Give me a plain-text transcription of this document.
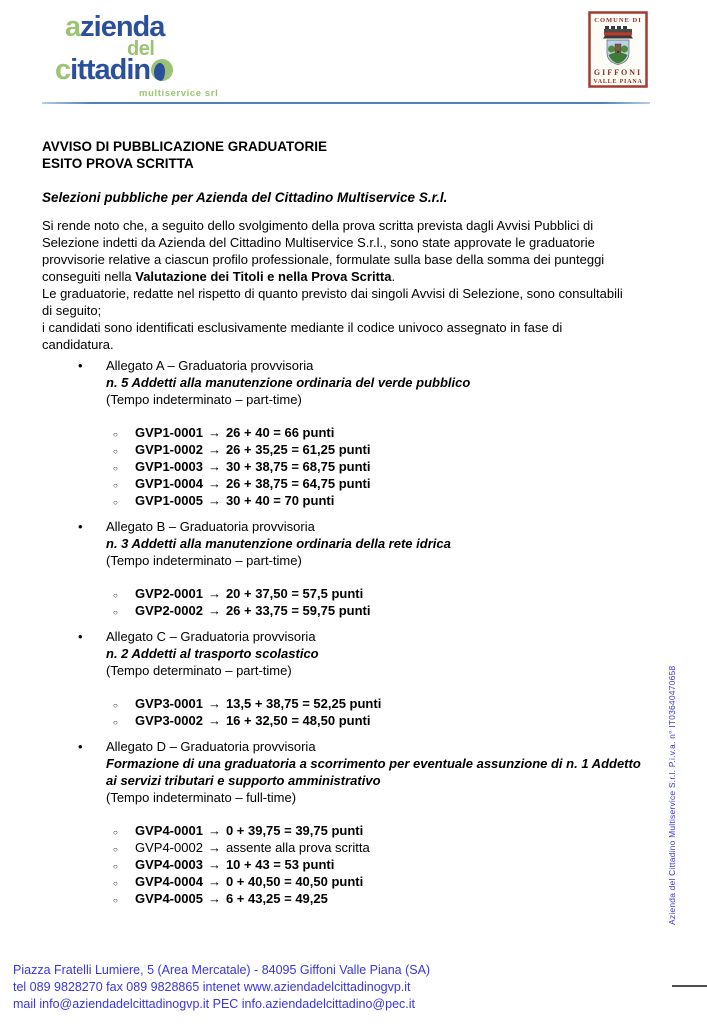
azienda
del
cittadin
multiservice srl
COMUNE DI
GIFFONI
VALLE PIANA
AVVISO DI PUBBLICAZIONE GRADUATORIE
ESITO PROVA SCRITTA
Selezioni pubbliche per Azienda del Cittadino Multiservice S.r.l.
Si rende noto che, a seguito dello svolgimento della prova scritta prevista dagli Avvisi Pubblici di
Selezione indetti da Azienda del Cittadino Multiservice S.r.l., sono state approvate le graduatorie
provvisorie relative a ciascun profilo professionale, formulate sulla base della somma dei punteggi
conseguiti nella Valutazione dei Titoli e nella Prova Scritta.
Le graduatorie, redatte nel rispetto di quanto previsto dai singoli Avvisi di Selezione, sono consultabili
di seguito;
i candidati sono identificati esclusivamente mediante il codice univoco assegnato in fase di
candidatura.
• Allegato A – Graduatoria provvisoria
n. 5 Addetti alla manutenzione ordinaria del verde pubblico
(Tempo indeterminato – part-time)
○ GVP1-0001 → 26 + 40 = 66 punti
○ GVP1-0002 → 26 + 35,25 = 61,25 punti
○ GVP1-0003 → 30 + 38,75 = 68,75 punti
○ GVP1-0004 → 26 + 38,75 = 64,75 punti
○ GVP1-0005 → 30 + 40 = 70 punti
• Allegato B – Graduatoria provvisoria
n. 3 Addetti alla manutenzione ordinaria della rete idrica
(Tempo indeterminato – part-time)
○ GVP2-0001 → 20 + 37,50 = 57,5 punti
○ GVP2-0002 → 26 + 33,75 = 59,75 punti
• Allegato C – Graduatoria provvisoria
n. 2 Addetti al trasporto scolastico
(Tempo determinato – part-time)
○ GVP3-0001 → 13,5 + 38,75 = 52,25 punti
○ GVP3-0002 → 16 + 32,50 = 48,50 punti
• Allegato D – Graduatoria provvisoria
Formazione di una graduatoria a scorrimento per eventuale assunzione di n. 1 Addetto
ai servizi tributari e supporto amministrativo
(Tempo indeterminato – full-time)
○ GVP4-0001 → 0 + 39,75 = 39,75 punti
○ GVP4-0002 → assente alla prova scritta
○ GVP4-0003 → 10 + 43 = 53 punti
○ GVP4-0004 → 0 + 40,50 = 40,50 punti
○ GVP4-0005 → 6 + 43,25 = 49,25	Azienda del Cittadino Multiservice S.r.l. P.i.v.a. n° IT03640470658
Piazza Fratelli Lumiere, 5 (Area Mercatale) - 84095 Giffoni Valle Piana (SA)
tel 089 9828270 fax 089 9828865 intenet www.aziendadelcittadinogvp.it
mail info@aziendadelcittadinogvp.it PEC info.aziendadelcittadino@pec.it
